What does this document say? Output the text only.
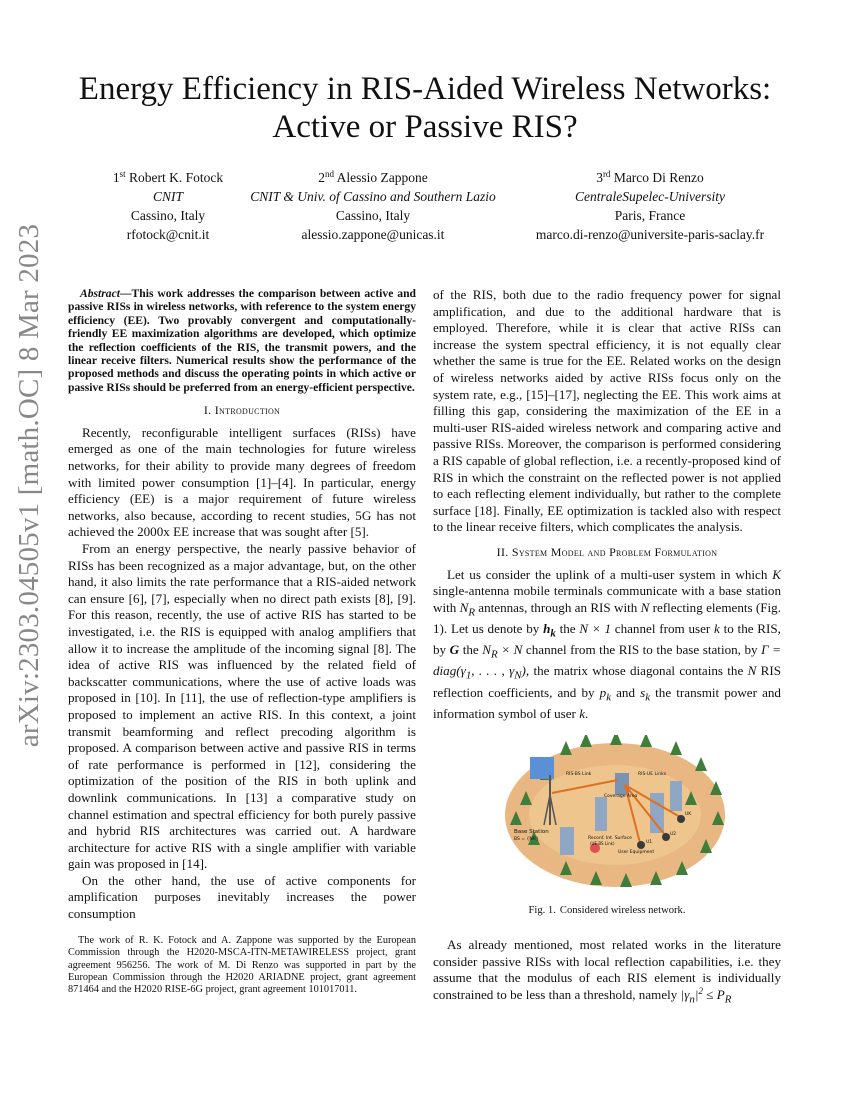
arXiv:2303.04505v1 [math.OC] 8 Mar 2023
Energy Efficiency in RIS-Aided Wireless Networks:
Active or Passive RIS?
1st Robert K. Fotock
CNIT
Cassino, Italy
rfotock@cnit.it
2nd Alessio Zappone
CNIT & Univ. of Cassino and Southern Lazio
Cassino, Italy
alessio.zappone@unicas.it
3rd Marco Di Renzo
CentraleSupelec-University
Paris, France
marco.di-renzo@universite-paris-saclay.fr

Abstract—This work addresses the comparison between active and passive RISs in wireless networks, with reference to the system energy efficiency (EE). Two provably convergent and computationally-friendly EE maximization algorithms are developed, which optimize the reflection coefficients of the RIS, the transmit powers, and the linear receive filters. Numerical results show the performance of the proposed methods and discuss the operating points in which active or passive RISs should be preferred from an energy-efficient perspective.

I. Introduction

Recently, reconfigurable intelligent surfaces (RISs) have emerged as one of the main technologies for future wireless networks, for their ability to provide many degrees of freedom with limited power consumption [1]–[4]. In particular, energy efficiency (EE) is a major requirement of future wireless networks, also because, according to recent studies, 5G has not achieved the 2000x EE increase that was sought after [5].

From an energy perspective, the nearly passive behavior of RISs has been recognized as a major advantage, but, on the other hand, it also limits the rate performance that a RIS-aided network can ensure [6], [7], especially when no direct path exists [8], [9]. For this reason, recently, the use of active RIS has started to be investigated, i.e. the RIS is equipped with analog amplifiers that allow it to increase the amplitude of the incoming signal [8]. The idea of active RIS was influenced by the related field of backscatter communications, where the use of active loads was proposed in [10]. In [11], the use of reflection-type amplifiers is proposed to implement an active RIS. In this context, a joint transmit beamforming and reflect precoding algorithm is proposed. A comparison between active and passive RIS in terms of rate performance is performed in [12], considering the optimization of the position of the RIS in both uplink and downlink communications. In [13] a comparative study on channel estimation and spectral efficiency for both purely passive and hybrid RIS architectures was carried out. A hardware architecture for active RIS with a single amplifier with variable gain was proposed in [14].

On the other hand, the use of active components for amplification purposes inevitably increases the power consumption

The work of R. K. Fotock and A. Zappone was supported by the European Commission through the H2020-MSCA-ITN-METAWIRELESS project, grant agreement 956256. The work of M. Di Renzo was supported in part by the European Commission through the H2020 ARIADNE project, grant agreement 871464 and the H2020 RISE-6G project, grant agreement 101017011.

of the RIS, both due to the radio frequency power for signal amplification, and due to the additional hardware that is employed. Therefore, while it is clear that active RISs can increase the system spectral efficiency, it is not equally clear whether the same is true for the EE. Related works on the design of wireless networks aided by active RISs focus only on the system rate, e.g., [15]–[17], neglecting the EE. This work aims at filling this gap, considering the maximization of the EE in a multi-user RIS-aided wireless network and comparing active and passive RISs. Moreover, the comparison is performed considering a RIS capable of global reflection, i.e. a recently-proposed kind of RIS in which the constraint on the reflected power is not applied to each reflecting element individually, but rather to the complete surface [18]. Finally, EE optimization is tackled also with respect to the linear receive filters, which complicates the analysis.

II. System Model and Problem Formulation

Let us consider the uplink of a multi-user system in which K single-antenna mobile terminals communicate with a base station with $N_R$ antennas, through an RIS with N reflecting elements (Fig. 1). Let us denote by $h_k$ the N × 1 channel from user k to the RIS, by G the $N_R \times N$ channel from the RIS to the base station, by $\Gamma = diag(\gamma_1$, . . . , $\gamma_N$), the matrix whose diagonal contains the N RIS reflection coefficients, and by $p_k$ and $s_k$ the transmit power and information symbol of user k.

Base Station
BS = {NR}
RIS-BS Link	RIS-UE Links
Coverage Area
Reconf. Int. Surface
(UE-BS Link)
User Equipment
U1
U2
UK
Fig. 1. Considered wireless network.

As already mentioned, most related works in the literature consider passive RISs with local reflection capabilities, i.e. they assume that the modulus of each RIS element is individually constrained to be less than a threshold, namely $|\gamma_n|^2 \le P_R$
